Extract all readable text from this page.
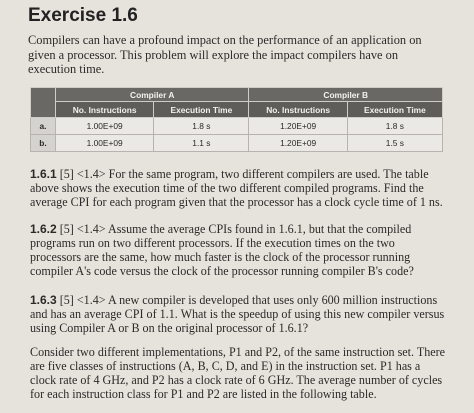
Exercise 1.6
Compilers can have a profound impact on the performance of an application on given a processor. This problem will explore the impact compilers have on execution time.
	Compiler A		Compiler B	
	No. Instructions	Execution Time	No. Instructions	Execution Time
a.	1.00E+09	1.8 s	1.20E+09	1.8 s
b.	1.00E+09	1.1 s	1.20E+09	1.5 s
1.6.1 [5] <1.4> For the same program, two different compilers are used. The table above shows the execution time of the two different compiled programs. Find the average CPI for each program given that the processor has a clock cycle time of 1 ns.
1.6.2 [5] <1.4> Assume the average CPIs found in 1.6.1, but that the compiled programs run on two different processors. If the execution times on the two processors are the same, how much faster is the clock of the processor running compiler A's code versus the clock of the processor running compiler B's code?
1.6.3 [5] <1.4> A new compiler is developed that uses only 600 million instructions and has an average CPI of 1.1. What is the speedup of using this new compiler versus using Compiler A or B on the original processor of 1.6.1?
Consider two different implementations, P1 and P2, of the same instruction set. There are five classes of instructions (A, B, C, D, and E) in the instruction set. P1 has a clock rate of 4 GHz, and P2 has a clock rate of 6 GHz. The average number of cycles for each instruction class for P1 and P2 are listed in the following table.
